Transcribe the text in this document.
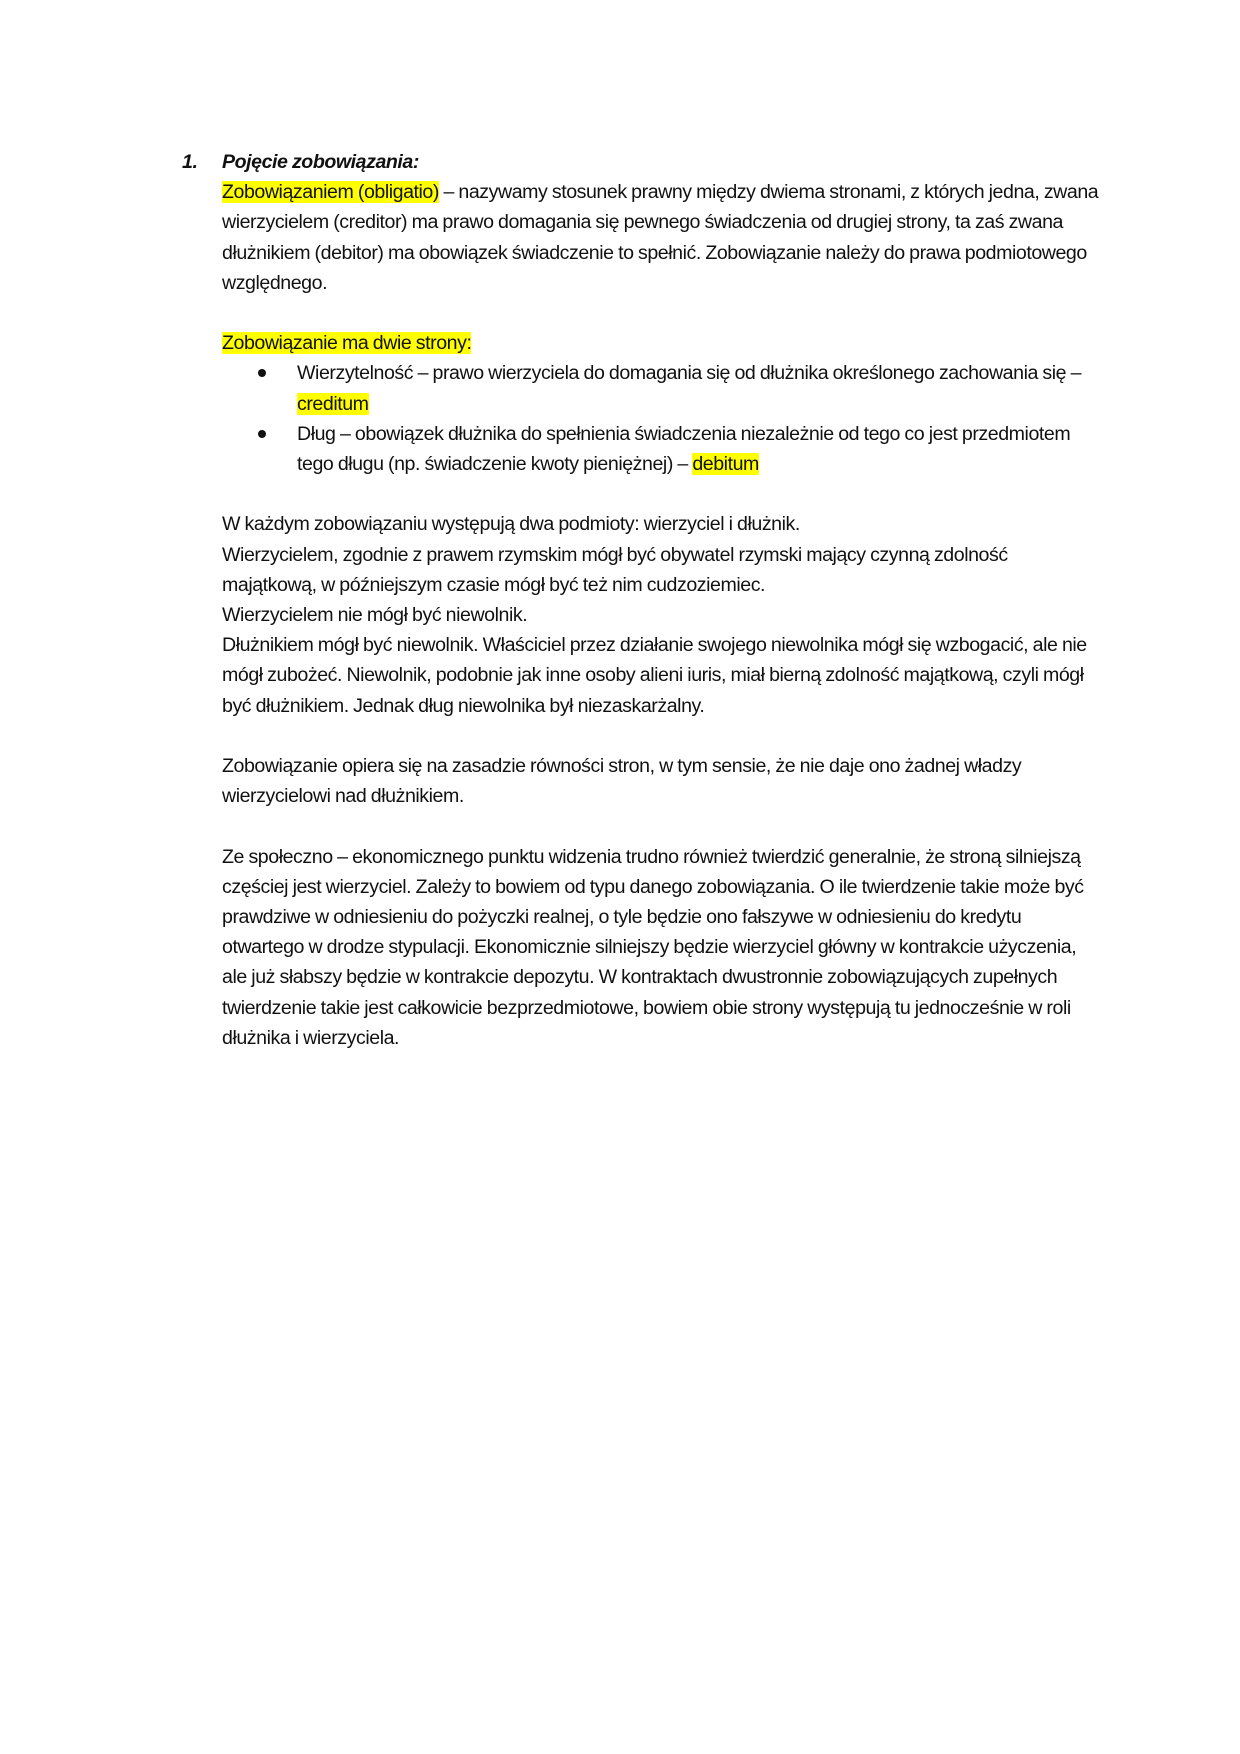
1. Pojęcie zobowiązania:

Zobowiązaniem (obligatio) – nazywamy stosunek prawny między dwiema stronami, z których jedna, zwana wierzycielem (creditor) ma prawo domagania się pewnego świadczenia od drugiej strony, ta zaś zwana dłużnikiem (debitor) ma obowiązek świadczenie to spełnić. Zobowiązanie należy do prawa podmiotowego względnego.

Zobowiązanie ma dwie strony:

Wierzytelność – prawo wierzyciela do domagania się od dłużnika określonego zachowania się – creditum
Dług – obowiązek dłużnika do spełnienia świadczenia niezależnie od tego co jest przedmiotem tego długu (np. świadczenie kwoty pieniężnej) – debitum

W każdym zobowiązaniu występują dwa podmioty: wierzyciel i dłużnik.

Wierzycielem, zgodnie z prawem rzymskim mógł być obywatel rzymski mający czynną zdolność majątkową, w późniejszym czasie mógł być też nim cudzoziemiec.

Wierzycielem nie mógł być niewolnik.

Dłużnikiem mógł być niewolnik. Właściciel przez działanie swojego niewolnika mógł się wzbogacić, ale nie mógł zubożeć. Niewolnik, podobnie jak inne osoby alieni iuris, miał bierną zdolność majątkową, czyli mógł być dłużnikiem. Jednak dług niewolnika był niezaskarżalny.

Zobowiązanie opiera się na zasadzie równości stron, w tym sensie, że nie daje ono żadnej władzy wierzycielowi nad dłużnikiem.

Ze społeczno – ekonomicznego punktu widzenia trudno również twierdzić generalnie, że stroną silniejszą częściej jest wierzyciel. Zależy to bowiem od typu danego zobowiązania. O ile twierdzenie takie może być prawdziwe w odniesieniu do pożyczki realnej, o tyle będzie ono fałszywe w odniesieniu do kredytu otwartego w drodze stypulacji. Ekonomicznie silniejszy będzie wierzyciel główny w kontrakcie użyczenia, ale już słabszy będzie w kontrakcie depozytu. W kontraktach dwustronnie zobowiązujących zupełnych twierdzenie takie jest całkowicie bezprzedmiotowe, bowiem obie strony występują tu jednocześnie w roli dłużnika i wierzyciela.
